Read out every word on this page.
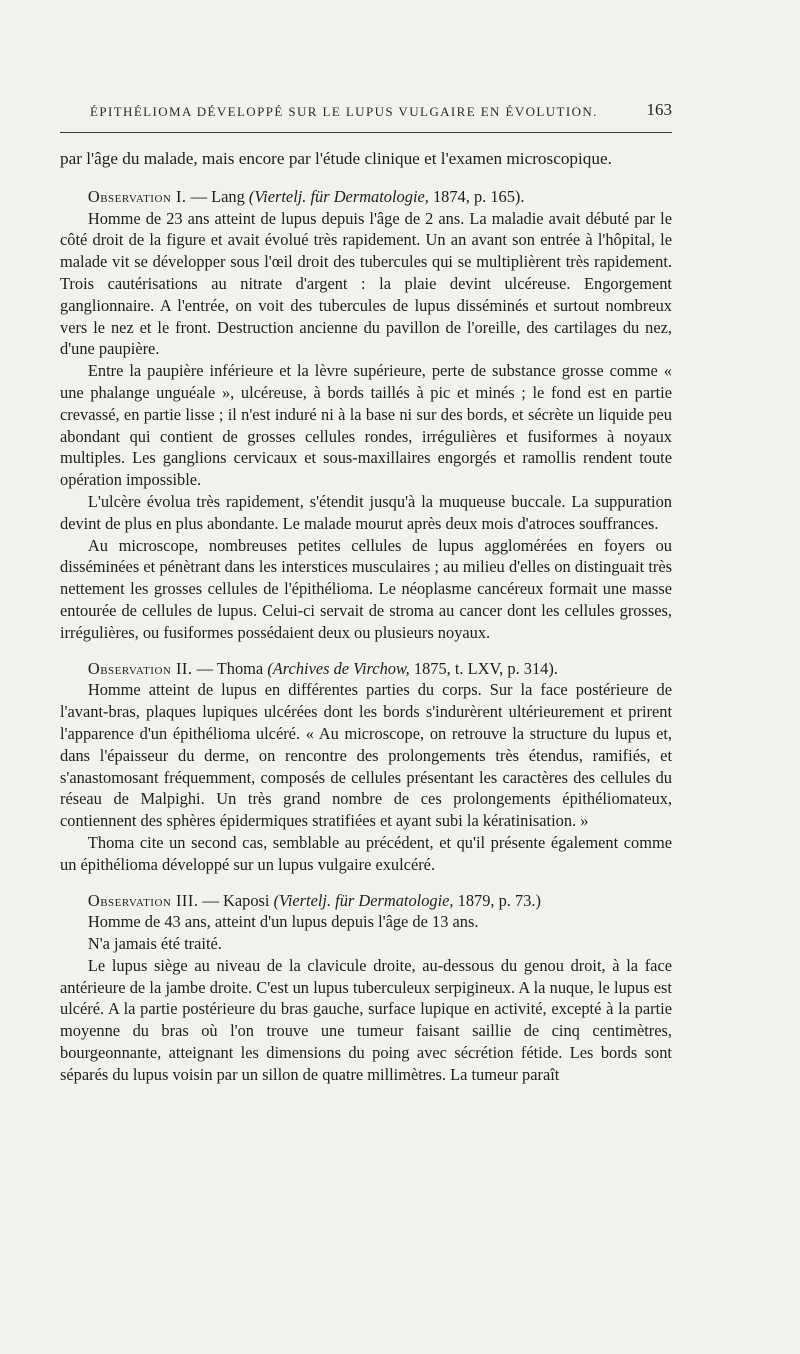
ÉPITHÉLIOMA DÉVELOPPÉ SUR LE LUPUS VULGAIRE EN ÉVOLUTION.	163

par l'âge du malade, mais encore par l'étude clinique et l'examen microscopique.

Observation I. — Lang (Viertelj. für Dermatologie, 1874, p. 165).

Homme de 23 ans atteint de lupus depuis l'âge de 2 ans. La maladie avait débuté par le côté droit de la figure et avait évolué très rapidement. Un an avant son entrée à l'hôpital, le malade vit se développer sous l'œil droit des tubercules qui se multiplièrent très rapidement. Trois cautérisations au nitrate d'argent : la plaie devint ulcéreuse. Engorgement ganglionnaire. A l'entrée, on voit des tubercules de lupus disséminés et surtout nombreux vers le nez et le front. Destruction ancienne du pavillon de l'oreille, des cartilages du nez, d'une paupière.

Entre la paupière inférieure et la lèvre supérieure, perte de substance grosse comme « une phalange unguéale », ulcéreuse, à bords taillés à pic et minés ; le fond est en partie crevassé, en partie lisse ; il n'est induré ni à la base ni sur des bords, et sécrète un liquide peu abondant qui contient de grosses cellules rondes, irrégulières et fusiformes à noyaux multiples. Les ganglions cervicaux et sous-maxillaires engorgés et ramollis rendent toute opération impossible.

L'ulcère évolua très rapidement, s'étendit jusqu'à la muqueuse buccale. La suppuration devint de plus en plus abondante. Le malade mourut après deux mois d'atroces souffrances.

Au microscope, nombreuses petites cellules de lupus agglomérées en foyers ou disséminées et pénètrant dans les interstices musculaires ; au milieu d'elles on distinguait très nettement les grosses cellules de l'épithélioma. Le néoplasme cancéreux formait une masse entourée de cellules de lupus. Celui-ci servait de stroma au cancer dont les cellules grosses, irrégulières, ou fusiformes possédaient deux ou plusieurs noyaux.

Observation II. — Thoma (Archives de Virchow, 1875, t. LXV, p. 314).

Homme atteint de lupus en différentes parties du corps. Sur la face postérieure de l'avant-bras, plaques lupiques ulcérées dont les bords s'indurèrent ultérieurement et prirent l'apparence d'un épithélioma ulcéré. « Au microscope, on retrouve la structure du lupus et, dans l'épaisseur du derme, on rencontre des prolongements très étendus, ramifiés, et s'anastomosant fréquemment, composés de cellules présentant les caractères des cellules du réseau de Malpighi. Un très grand nombre de ces prolongements épithéliomateux, contiennent des sphères épidermiques stratifiées et ayant subi la kératinisation. »

Thoma cite un second cas, semblable au précédent, et qu'il présente également comme un épithélioma développé sur un lupus vulgaire exulcéré.

Observation III. — Kaposi (Viertelj. für Dermatologie, 1879, p. 73.)

Homme de 43 ans, atteint d'un lupus depuis l'âge de 13 ans.

N'a jamais été traité.

Le lupus siège au niveau de la clavicule droite, au-dessous du genou droit, à la face antérieure de la jambe droite. C'est un lupus tuberculeux serpigineux. A la nuque, le lupus est ulcéré. A la partie postérieure du bras gauche, surface lupique en activité, excepté à la partie moyenne du bras où l'on trouve une tumeur faisant saillie de cinq centimètres, bourgeonnante, atteignant les dimensions du poing avec sécrétion fétide. Les bords sont séparés du lupus voisin par un sillon de quatre millimètres. La tumeur paraît
